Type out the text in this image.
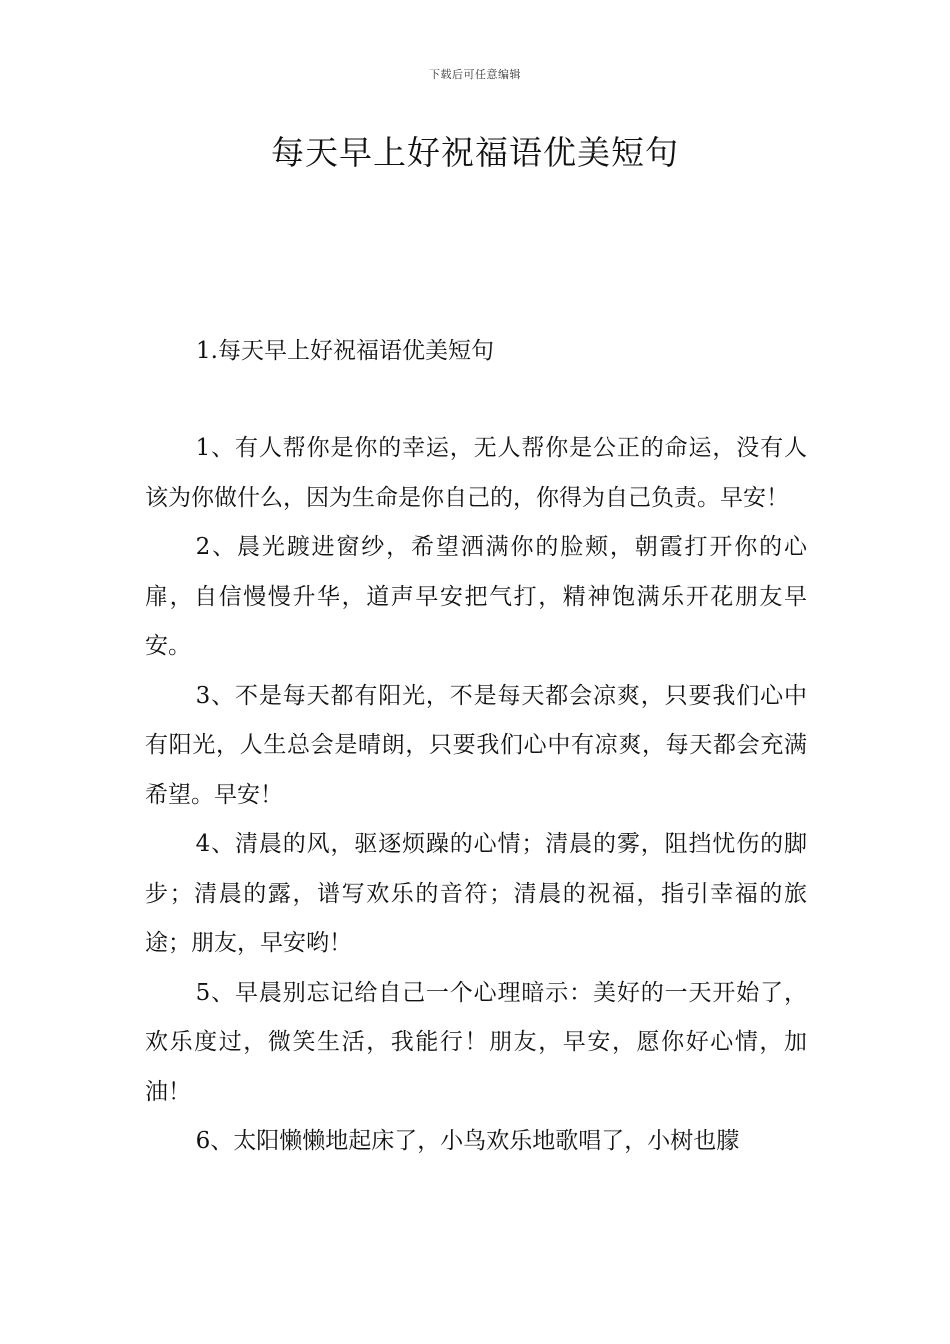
下载后可任意编辑
每天早上好祝福语优美短句
1.每天早上好祝福语优美短句

1、有人帮你是你的幸运，无人帮你是公正的命运，没有人该为你做什么，因为生命是你自己的，你得为自己负责。早安！

2、晨光踱进窗纱，希望洒满你的脸颊，朝霞打开你的心扉，自信慢慢升华，道声早安把气打，精神饱满乐开花朋友早安。

3、不是每天都有阳光，不是每天都会凉爽，只要我们心中有阳光，人生总会是晴朗，只要我们心中有凉爽，每天都会充满希望。早安！

4、清晨的风，驱逐烦躁的心情；清晨的雾，阻挡忧伤的脚步；清晨的露，谱写欢乐的音符；清晨的祝福，指引幸福的旅途；朋友，早安哟！

5、早晨别忘记给自己一个心理暗示：美好的一天开始了，欢乐度过，微笑生活，我能行！朋友，早安，愿你好心情，加油！

6、太阳懒懒地起床了，小鸟欢乐地歌唱了，小树也朦
